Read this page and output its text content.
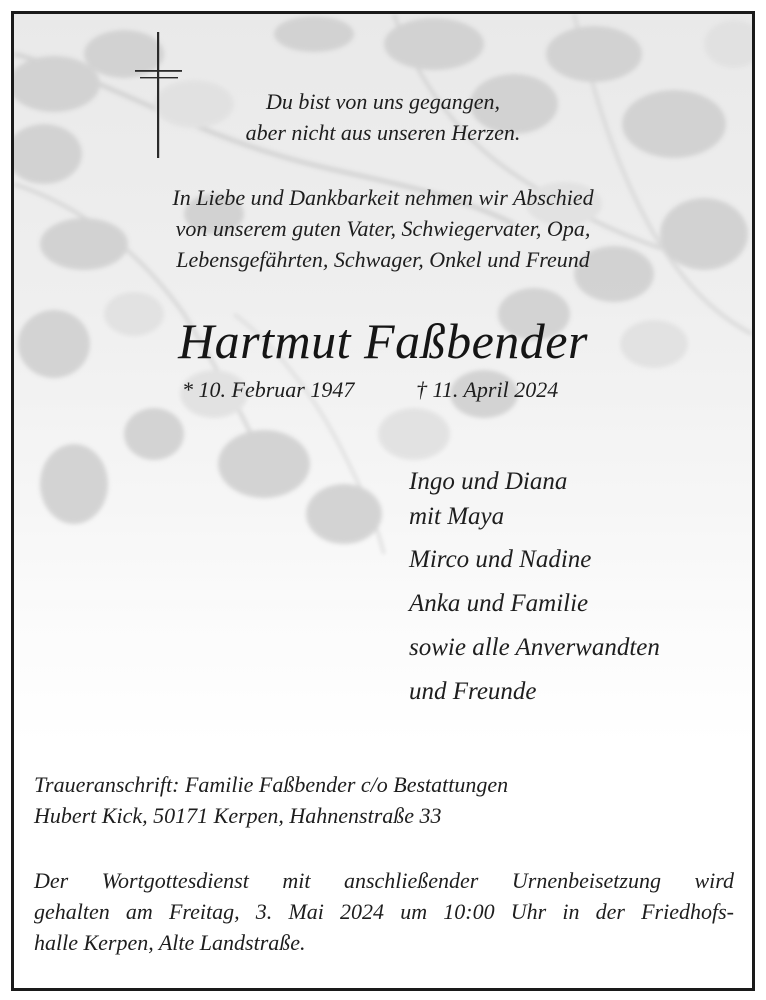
Du bist von uns gegangen,

aber nicht aus unseren Herzen.

In Liebe und Dankbarkeit nehmen wir Abschied

von unserem guten Vater, Schwiegervater, Opa,

Lebensgefährten, Schwager, Onkel und Freund

Hartmut Faßbender

* 10. Februar 1947	† 11. April 2024

Ingo und Diana

mit Maya

Mirco und Nadine

Anka und Familie

sowie alle Anverwandten

und Freunde

Traueranschrift: Familie Faßbender c/o Bestattungen

Hubert Kick, 50171 Kerpen, Hahnenstraße 33

Der Wortgottesdienst mit anschließender Urnenbeisetzung wird
gehalten am Freitag, 3. Mai 2024 um 10:00 Uhr in der Friedhofs-
halle Kerpen, Alte Landstraße.
